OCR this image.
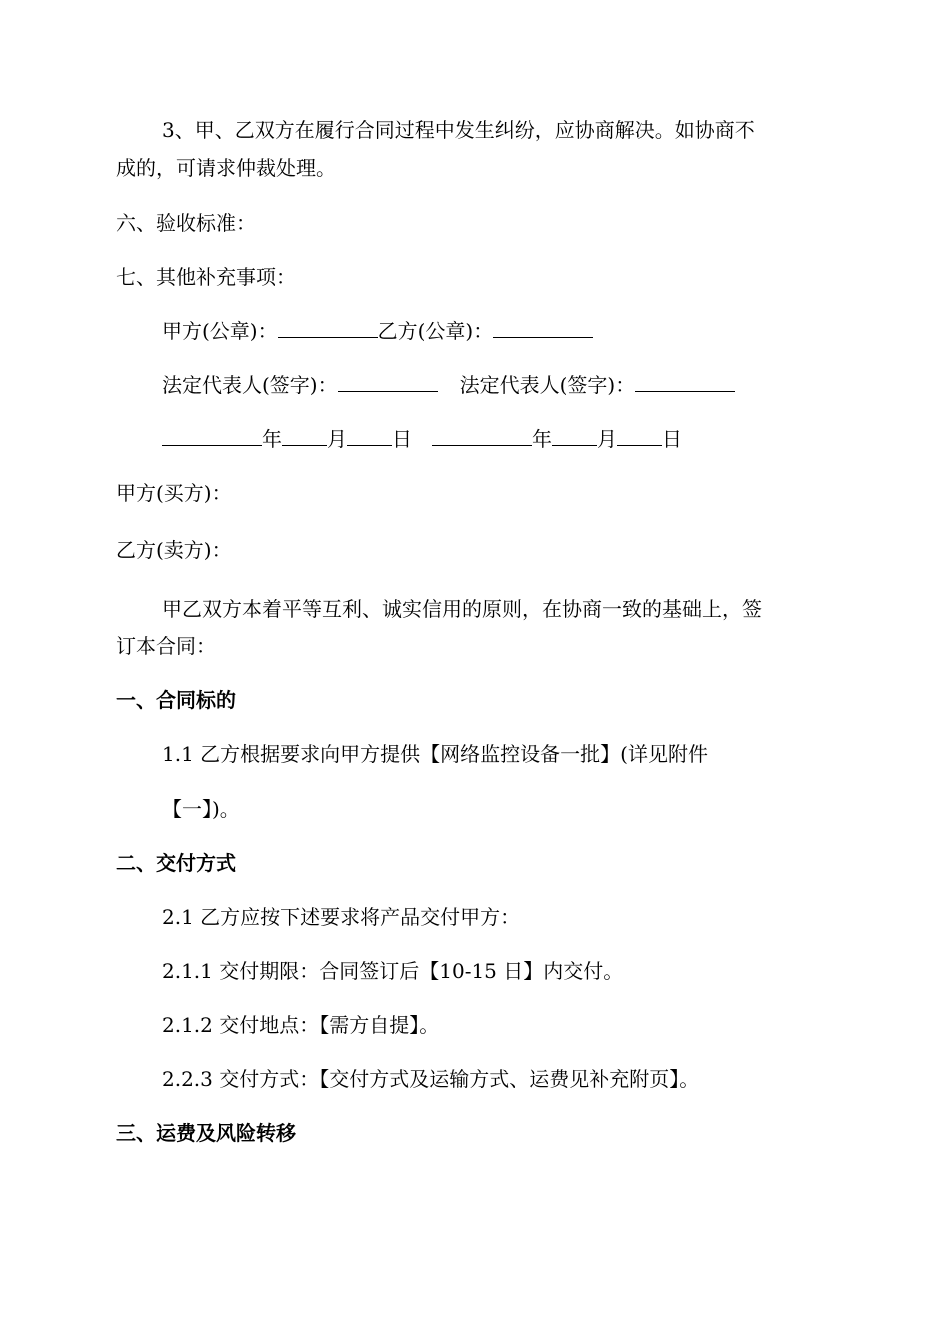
3、甲、乙双方在履行合同过程中发生纠纷，应协商解决。如协商不
成的，可请求仲裁处理。
六、验收标准：
七、其他补充事项：
甲方(公章)：	乙方(公章)：
法定代表人(签字)：	法定代表人(签字)：
年 月 日	年 月 日
甲方(买方)：
乙方(卖方)：
甲乙双方本着平等互利、诚实信用的原则，在协商一致的基础上，签
订本合同：
一、合同标的
1.1 乙方根据要求向甲方提供【网络监控设备一批】(详见附件
【一】)。
二、交付方式
2.1 乙方应按下述要求将产品交付甲方：
2.1.1 交付期限：合同签订后【10-15 日】内交付。
2.1.2 交付地点：【需方自提】。
2.2.3 交付方式：【交付方式及运输方式、运费见补充附页】。
三、运费及风险转移
